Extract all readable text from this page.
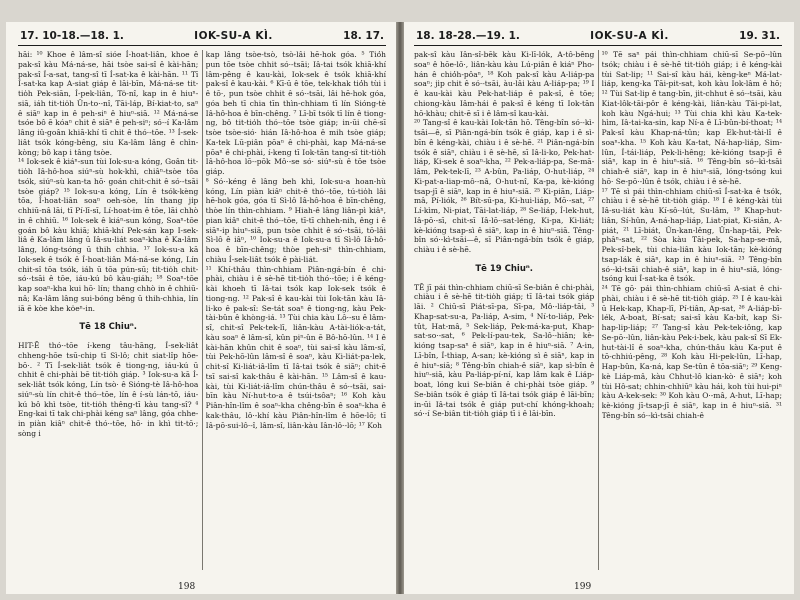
17. 10-18.—18. 1.	IOK-SU-A KÌ.	18. 17.

hāi: ¹⁰ Khoe ê lâm-sî sióe Í-hoat-liân, khoe ê pak-sî kàu Má-ná-se, hāi tsòe sai-sî ê kài-hān; pak-sî Í-a-sat, tang-sî tī Í-sat-ka ê kài-hān. ¹¹ Tī Í-sat-ka kap A-siat giáp ê lāi-bīn, Má-ná-se tit-tio̍h Pek-siān, Í-pek-liân, To̍-nî, kap in ê hiuⁿ-siā, iáh tit-tio̍h Ûn-to·-nî, Tāi-láp, Bí-kiat-to, saⁿ ê siāⁿ kap in ê peh-siⁿ ê hiuⁿ-siā. ¹² Má-ná-se tsóe bô ē kóaⁿ chit ê siāⁿ ê peh-siⁿ; só·-í Ka-lâm lâng iû-goân khiā-khí tī chit ê thó·-tōe. ¹³ Í-sek-liât tsók kóng-bêng, siu Ka-lâm lâng ê chìn-kòng; bô kap i tâng tsòe.

¹⁴ Iok-sek ê kiáⁿ-sun tùi Iok-su-a kóng, Goân tit-tio̍h Iâ-hô-hoa siúⁿ-sù hok-khì, chiâⁿ-tsòe tōa tsók, siúⁿ-sù kan-ta hō· goán chit-chit ê só·-tsāi tsòe giáp? ¹⁵ Iok-su-a kóng, Lín ê tsók-kèng tōa, Í-hoat-liân soaⁿ oeh-sòe, lín thang ji̍p chhiū-nâ lāi, tī Pí-lī-sī, Lí-hoat-im ê tōe, lāi chhò in ê chhiū. ¹⁶ Iok-sek ê kiáⁿ-sun kóng, Soaⁿ-tōe goán bô kàu khiā; khiā-khí Pek-sán kap I-sek-liâ ê Ka-lâm lâng ū Iâ-su-liát soaⁿ-kha ê Ka-lâm lâng, lóng-tsóng ū thih chhia. ¹⁷ Iok-su-a kā Iok-sek ê tsók ê Í-hoat-liân Má-ná-se kóng, Lín chit-sî tōa tsók, iáh ū tōa pún-sū; tit-tio̍h chit-só·-tsāi ê tōe, iáu-kú bô kàu-giáh; ¹⁸ Soaⁿ-tōe kap soaⁿ-kha kui hō· lín; thang chhò in ê chhiū-nâ; Ka-lâm lâng sui-bóng bêng ū thih-chhia, lín iā ē kòe khe ko̍eⁿ-in.

Tē 18 Chiuⁿ.

HIT-Ē thó·-tōe í-keng tâu-hāng, Í-sek-liât chheng-hōe tsū-chip tī Sì-lô; chit siat-lîp hōe-bō·. ² Tī Í-sek-liât tsók ê tiong-ng, iáu-kú ū chhit ê chi-phài bē tit-tio̍h giáp. ³ Iok-su-a kā Í-sek-liât tsók kóng, Lín tsò· ê Sióng-tè Iâ-hô-hoa siúⁿ-sù lín chit-ê thó·-tōe, lín ê í-sù lán-tō, iáu-kú bô khì tsòe, tit-tio̍h thêng-tī kàu tang-sî? ⁴ Eng-kai tī tak chi-phài kéng saⁿ lâng, góa chhe-in piàn kiâⁿ chit-ê thó·-tōe, hō· in khì tit-tō·; sòng i

kap lâng tsòe-tsò, tsò-lâi hē-hok góa. ⁵ Tió̍h pun tōe tsòe chhit só·-tsāi; Iâ-tai tsók khiā-khí lâm-pêng ê kau-kài, Iok-sek ê tsók khiā-khí pak-sî ê kau-kài. ⁶ Kī-ū ê tōe, tek-khak tió̍h tùi i ê tō·, pun tsòe chhit ê só·-tsāi, lâi hē-hok góa, góa beh tī chia tīn thìn-chhiam tī lín Sióng-tè Iâ-hô-hoa ê bīn-chêng. ⁷ Lī-bī tsók tī lín ê tiong-ng, bô tit-tio̍h thó·-tōe tsòe giáp; in-ūi chē-sī tsòe tsòe-sió· hián Iâ-hô-hoa ê mih tsòe giáp; Ka-tek Lū-piân pōaⁿ ê chi-phài, kap Má-ná-se pōaⁿ ê chi-phài, í-keng tī Iok-tān tang-sî tit-tio̍h Iâ-hô-hoa lō·-pōk Mô·-se só· siúⁿ-sù ê tōe tsòe giáp.

⁸ Só·-kéng ê lâng beh khì, Iok-su-a hoan-hù kóng, Lín piàn kiâⁿ chit-ê thó·-tōe, tú-tio̍h lâi hē-hok góa, góa tī Sì-lô Iâ-hô-hoa ê bīn-chêng, thòe lín thìn-chhiam. ⁹ Hiah-ê lâng liân-pì kiâⁿ, pian kiâⁿ chit-ê thó·-tōe, tī-tī chheh-nih, êng i ê siāⁿ-ip hiuⁿ-siā, pun tsòe chhit ê só·-tsāi, tō-lâi Sì-lô ê iâⁿ, ¹⁰ Iok-su-a ê Iok-su-a tī Sì-lô Iâ-hô-hoa ê bīn-chêng; thòe peh-siⁿ thìn-chhiam, chiàu Í-sek-liât tsók ê pài-liát.

¹¹ Khí-thâu thìn-chhiam Piân-ngá-bín ê chi-phài, chiàu i ê sè-hē tit-tio̍h thó·-tōe; i ê kéng-kài khoeh tī Iâ-tai tsók kap Iok-sek tsók ê tiong-ng. ¹² Pak-sî ê kau-kài tùi Iok-tān kàu Iâ-li-ko ê pak-sî: Se-tát soaⁿ ê tiong-ng, kàu Pek-tài-bûn ê khòng-iá. ¹³ Tùi chia kàu Lô·-su ê lâm-sî, chit-sî Pek-tek-lī, liân-kàu A-tài-liók-a-tát, kàu soaⁿ ê lâm-sî, kûn piⁿ-ûn ē Bô-hō-lûn. ¹⁴ I ê kài-hān khûn chit ê soaⁿ, tùi sai-sî kàu lâm-sî, tùi Pek-hō-lûn lâm-sî ê soaⁿ, kàu Ki-liát-pa-lek, chit-sî Ki-liát-iâ-lîm tī Iâ-tai tsók ê siāⁿ; chit-ē tsī sai-sî kak-thâu ê kài-hān. ¹⁵ Lâm-sî ê kau-kài, tùi Ki-liát-iâ-lîm chún-thâu ê só·-tsāi, sai-bīn kàu Ní-hut-to-a ê tsúi-tsôaⁿ; ¹⁶ Koh kàu Piân-hîn-lîm ê soaⁿ-kha chêng-bīn ê soaⁿ-kha ê kak-thâu, lô·-khí kàu Piân-hîn-lîm ê hōe-lō; tī Iâ-pō·sui-lô·-î, lâm-sî, liân-kàu Iân-lô·-lō; ¹⁷ Koh

198
18. 18-28.—19. 1.	IOK-SU-A KÌ.	19. 31.

pak-sî kàu Iân-sî-bēk kàu Ki-lī-lók, A-tô-bêng soaⁿ ê hōe-lō·, liân-kàu kàu Lú-piân ê kiáⁿ Pho-hán ê chió̍h-pôaⁿ, ¹⁸ Koh pak-sî kàu A-liáp-pa soaⁿ; ji̍p chit ê só·-tsāi, àu-lâi kàu A-liáp-pa; ¹⁹ I ê kau-kài kàu Pek-hat-liáp ê pak-sî, ê tōe; chiong-kàu Iâm-hái ê pak-sî ê kéng tī Iok-tān hō-khàu; chit-ē sī i ê lâm-sî kau-kài.

²⁰ Tang-sî ê kau-kài Iok-tān hō. Têng-bîn só·-kì-tsāi—ê, sī Piân-ngá-bín tsók ê giáp, kap i ê sì-bīn ê kéng-kài, chiàu i ê sè-hē. ²¹ Piân-ngá-bín tsók ê siāⁿ, chiàu i ê sè-hē, sī Iâ-li-ko, Pek-hat-liáp, Ki-sek ê soaⁿ-kha, ²² Pek-a-liáp-pa, Se-mā-lâm, Pek-tek-lī, ²³ A-bûn, Pa-liáp, O-hut-liáp, ²⁴ Ki-pat-a-liap-mô·-nâ, O-hut-nî, Ka-pa, kè-kióng tsap-jī ê siāⁿ, kap in ê hiuⁿ-siā. ²⁵ Ki-piān, Liáp-mâ, Pí-liók, ²⁶ Bít-sū-pa, Ki-hui-liáp, Mō·-sat, ²⁷ Lí-kìm, Ni-piat, Tāi-lat-liáp, ²⁸ Se-liáp, Í-lek-hut, Iâ-pō·-sī, chit-sī Iâ-lō·-sat-léng, Ki-pa, Ki-liát; kè-kióng tsap-sì ê siāⁿ, kap in ê hiuⁿ-siā. Têng-bîn só·-kì-tsāi—ê, sī Piân-ngá-bín tsók ê giáp, chiàu i ê sè-hē.

Tē 19 Chiuⁿ.

TĒ jī pái thìn-chhiam chiū-sī Se-biân ê chi-phài, chiàu i ê sè-hē tit-tio̍h giáp; tī Iâ-tai tsók giáp lāi. ² Chiū-sī Piát-sī-pa, Sī-pa, Mô·-liáp-tāi, ³ Khap-sat-su-a, Pa-liáp, A-sim, ⁴ Ní-to-liáp, Pek-tût, Hat-mâ, ⁵ Sek-liáp, Pek-má-ka-put, Khap-sat-so·-sat, ⁶ Pek-lí-pau-tek, Sa-lô·-hiân; kè-kióng tsap-saⁿ ê siāⁿ, kap in ê hiuⁿ-siā. ⁷ A-in, Lī-bîn, Í-thiap, A-san; kè-kióng sì ê siāⁿ, kap in ê hiuⁿ-siā; ⁸ Têng-bîn chiah-ê siāⁿ, kap sì-bîn ê hiuⁿ-siā, kàu Pa-liáp-pí-ní, kap lâm kak ê Liáp-boat, lóng kui Se-biân ê chi-phài tsòe giáp. ⁹ Se-biân tsók ê giáp tī Iâ-tai tsók giáp ê lāi-bīn; in-ūi Iâ-tai tsók ê giáp put-chí khóng-khoah; só·-í Se-biân tit-tio̍h giáp tī i ê lāi-bīn.

¹⁰ Tē saⁿ pái thìn-chhiam chiū-sī Se-pō·-lûn tsók; chiàu i ê sè-hē tit-tio̍h giáp; i ê kéng-kài tùi Sat-lip; ¹¹ Sai-sî kàu hái, kèng-keⁿ Má-lat-liáp, keng-ka Tāi-pit-sat, koh kàu Iok-lâm ê hō; ¹² Tùi Sat-lip ê tang-bīn, ji̍t-chhut ê só·-tsāi, kàu Kiat-lôk-tāi-pôr ê kéng-kài, liân-kàu Tāi-pi-lat, koh kàu Ngá-hui; ¹³ Tùi chia khì kàu Ka-tek-hìm, Iâ-tai-ka-sin, kap Ní-a ê Lī-bûn-bí-thoat; ¹⁴ Pak-sî kàu Khap-ná-tûn; kap Ek-hut-tài-lî ê soaⁿ-kha. ¹⁵ Koh kàu Ka-tat, Ná-hap-liáp, Sim-lûn, Í-tái-liáp, Pek-li-hêng; kè-kióng tsap-jī ê siāⁿ, kap in ê hiuⁿ-siā. ¹⁶ Têng-bîn só·-kì-tsāi chiah-ê siāⁿ, kap in ê hiuⁿ-siā, lóng-tsóng kui hō· Se-pō·-lûn ê tsók, chiàu i ê sè-hē.

¹⁷ Tē sì pái thìn-chhiam chiū-sī Í-sat-ka ê tsók, chiàu i ê sè-hē tit-tio̍h giáp. ¹⁸ I ê kéng-kài tùi Iâ-su-liát kàu Kí-sô·-lút, Su-lâm, ¹⁹ Khap-hut-liân, Sí-hûn, A-ná-hap-liáp, Liat-piat, Ki-siân, A-piát, ²¹ Lī-biát, Ûn-kan-lêng, Ûn-hap-tāi, Pek-phâⁿ-sat, ²² Sòa kàu Tāi-pek, Sa-hap-se-mâ, Pek-sî-bek, tùi chia-liân kàu Iok-tān; kè-kióng tsap-lák ê siāⁿ, kap in ê hiuⁿ-siā. ²³ Têng-bîn só·-kì-tsāi chiah-ê siāⁿ, kap in ê hiuⁿ-siā, lóng-tsóng kui Í-sat-ka ê tsók.

²⁴ Tē gō· pái thìn-chhiam chiū-sī A-siat ê chi-phài, chiàu i ê sè-hē tit-tio̍h giáp. ²⁵ I ê kau-kài ū Hek-kap, Khap-lī, Pí-tiân, Ap-sat, ²⁶ A-liáp-bī-lék, A-boat, Bí-sat; sai-sî kàu Ka-bít, kap Si-hap-lip-liáp; ²⁷ Tang-sî kàu Pek-tek-iông, kap Se-pō·-lûn, liân-kàu Pek-i-bek, kàu pak-sî Sī Ek-hut-tài-lî ê soaⁿ-kha, chún-thâu kàu Ka-put ê tō-chhiú-pêng, ²⁸ Koh kàu Hi-pek-lûn, Lī-hap, Hap-bûn, Ka-ná, kap Se-tûn ê tōa-siāⁿ; ²⁹ Keng-kè Liáp-mâ, kàu Chhut-lô kian-kò· ê siāⁿ; koh tùi Hô-sat; chhin-chhiūⁿ kàu hái, koh tùi hui-piⁿ kàu A-kek-sek: ³⁰ Koh kàu O·-mâ, A-hut, Lī-hap; kè-kióng jī-tsap-jī ê siāⁿ, kap in ê hiuⁿ-siā. ³¹ Têng-bîn só·-kì-tsāi chiah-ê

199
